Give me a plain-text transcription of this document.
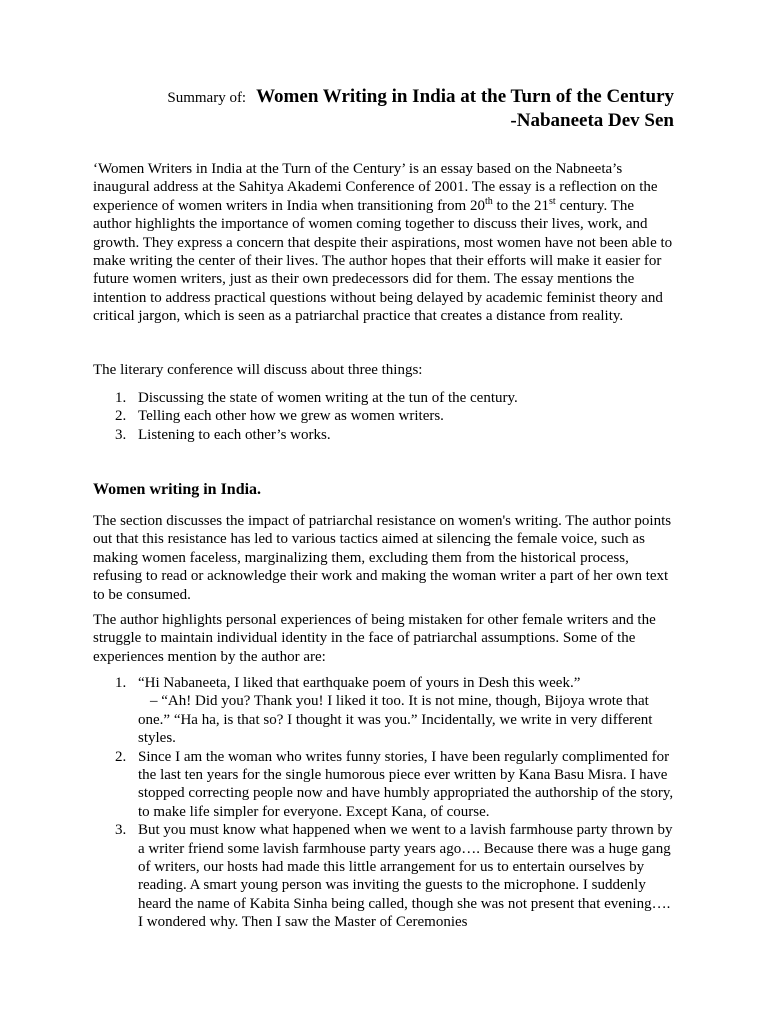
Summary of: Women Writing in India at the Turn of the Century
-Nabaneeta Dev Sen

‘Women Writers in India at the Turn of the Century’ is an essay based on the Nabneeta’s inaugural address at the Sahitya Akademi Conference of 2001. The essay is a reflection on the experience of women writers in India when transitioning from 20th to the 21st century. The author highlights the importance of women coming together to discuss their lives, work, and growth. They express a concern that despite their aspirations, most women have not been able to make writing the center of their lives. The author hopes that their efforts will make it easier for future women writers, just as their own predecessors did for them. The essay mentions the intention to address practical questions without being delayed by academic feminist theory and critical jargon, which is seen as a patriarchal practice that creates a distance from reality.

The literary conference will discuss about three things:

1. Discussing the state of women writing at the tun of the century.
2. Telling each other how we grew as women writers.
3. Listening to each other’s works.
Women writing in India.

The section discusses the impact of patriarchal resistance on women's writing. The author points out that this resistance has led to various tactics aimed at silencing the female voice, such as making women faceless, marginalizing them, excluding them from the historical process, refusing to read or acknowledge their work and making the woman writer a part of her own text to be consumed.

The author highlights personal experiences of being mistaken for other female writers and the struggle to maintain individual identity in the face of patriarchal assumptions. Some of the experiences mention by the author are:

1. “Hi Nabaneeta, I liked that earthquake poem of yours in Desh this week.”
– “Ah! Did you? Thank you! I liked it too. It is not mine, though, Bijoya wrote that one.” “Ha ha, is that so? I thought it was you.” Incidentally, we write in very different styles.
2. Since I am the woman who writes funny stories, I have been regularly complimented for the last ten years for the single humorous piece ever written by Kana Basu Misra. I have stopped correcting people now and have humbly appropriated the authorship of the story, to make life simpler for everyone. Except Kana, of course.
3. But you must know what happened when we went to a lavish farmhouse party thrown by a writer friend some lavish farmhouse party years ago…. Because there was a huge gang of writers, our hosts had made this little arrangement for us to entertain ourselves by reading. A smart young person was inviting the guests to the microphone. I suddenly heard the name of Kabita Sinha being called, though she was not present that evening…. I wondered why. Then I saw the Master of Ceremonies
